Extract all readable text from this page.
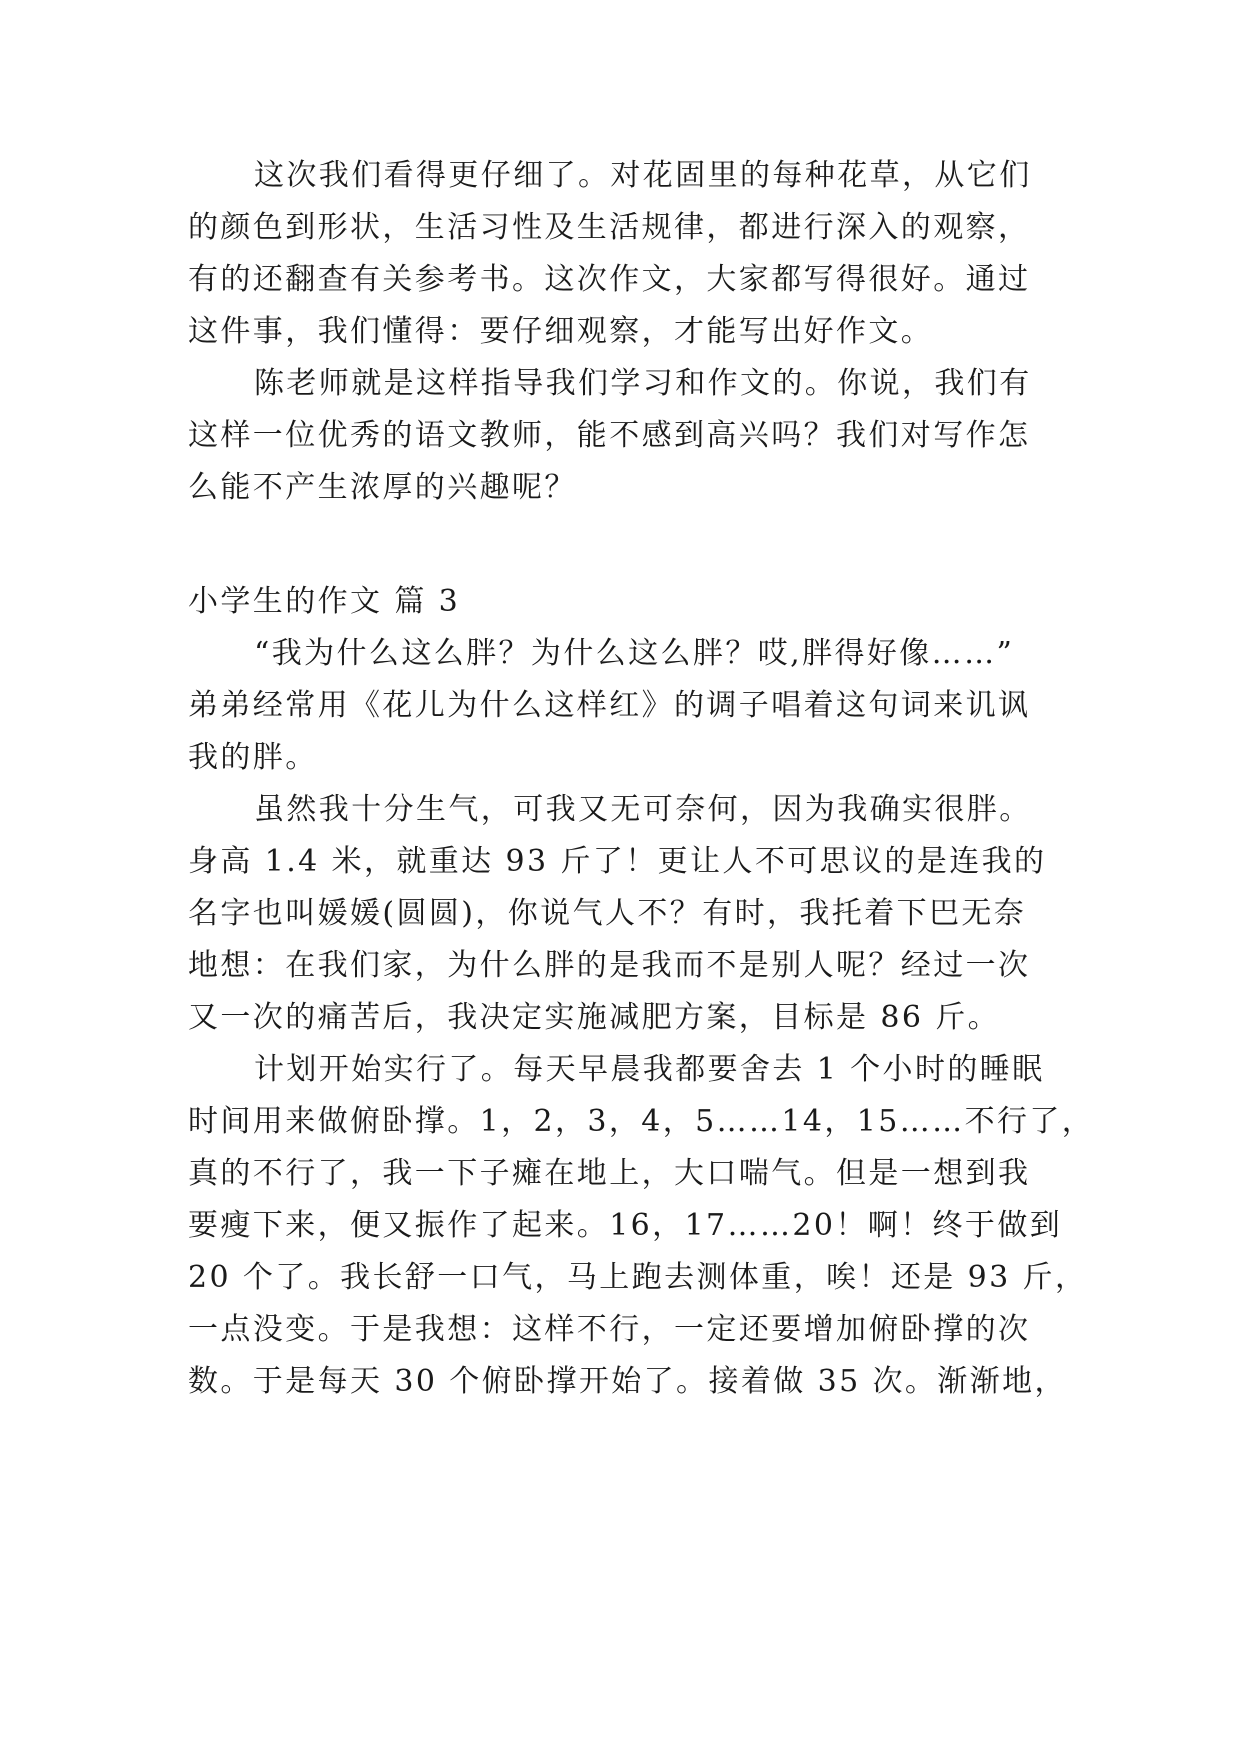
这次我们看得更仔细了。对花固里的每种花草，从它们
的颜色到形状，生活习性及生活规律，都进行深入的观察，
有的还翻查有关参考书。这次作文，大家都写得很好。通过
这件事，我们懂得：要仔细观察，才能写出好作文。
陈老师就是这样指导我们学习和作文的。你说，我们有
这样一位优秀的语文教师，能不感到高兴吗？我们对写作怎
么能不产生浓厚的兴趣呢？
小学生的作文 篇 3
“我为什么这么胖？为什么这么胖？哎,胖得好像……”
弟弟经常用《花儿为什么这样红》的调子唱着这句词来讥讽
我的胖。
虽然我十分生气，可我又无可奈何，因为我确实很胖。
身高 1.4 米，就重达 93 斤了！更让人不可思议的是连我的
名字也叫媛媛(圆圆)，你说气人不？有时，我托着下巴无奈
地想：在我们家，为什么胖的是我而不是别人呢？经过一次
又一次的痛苦后，我决定实施减肥方案，目标是 86 斤。
计划开始实行了。每天早晨我都要舍去 1 个小时的睡眠
时间用来做俯卧撑。1，2，3，4，5……14，15……不行了，
真的不行了，我一下子瘫在地上，大口喘气。但是一想到我
要瘦下来，便又振作了起来。16，17……20！啊！终于做到
20 个了。我长舒一口气，马上跑去测体重，唉！还是 93 斤，
一点没变。于是我想：这样不行，一定还要增加俯卧撑的次
数。于是每天 30 个俯卧撑开始了。接着做 35 次。渐渐地，
